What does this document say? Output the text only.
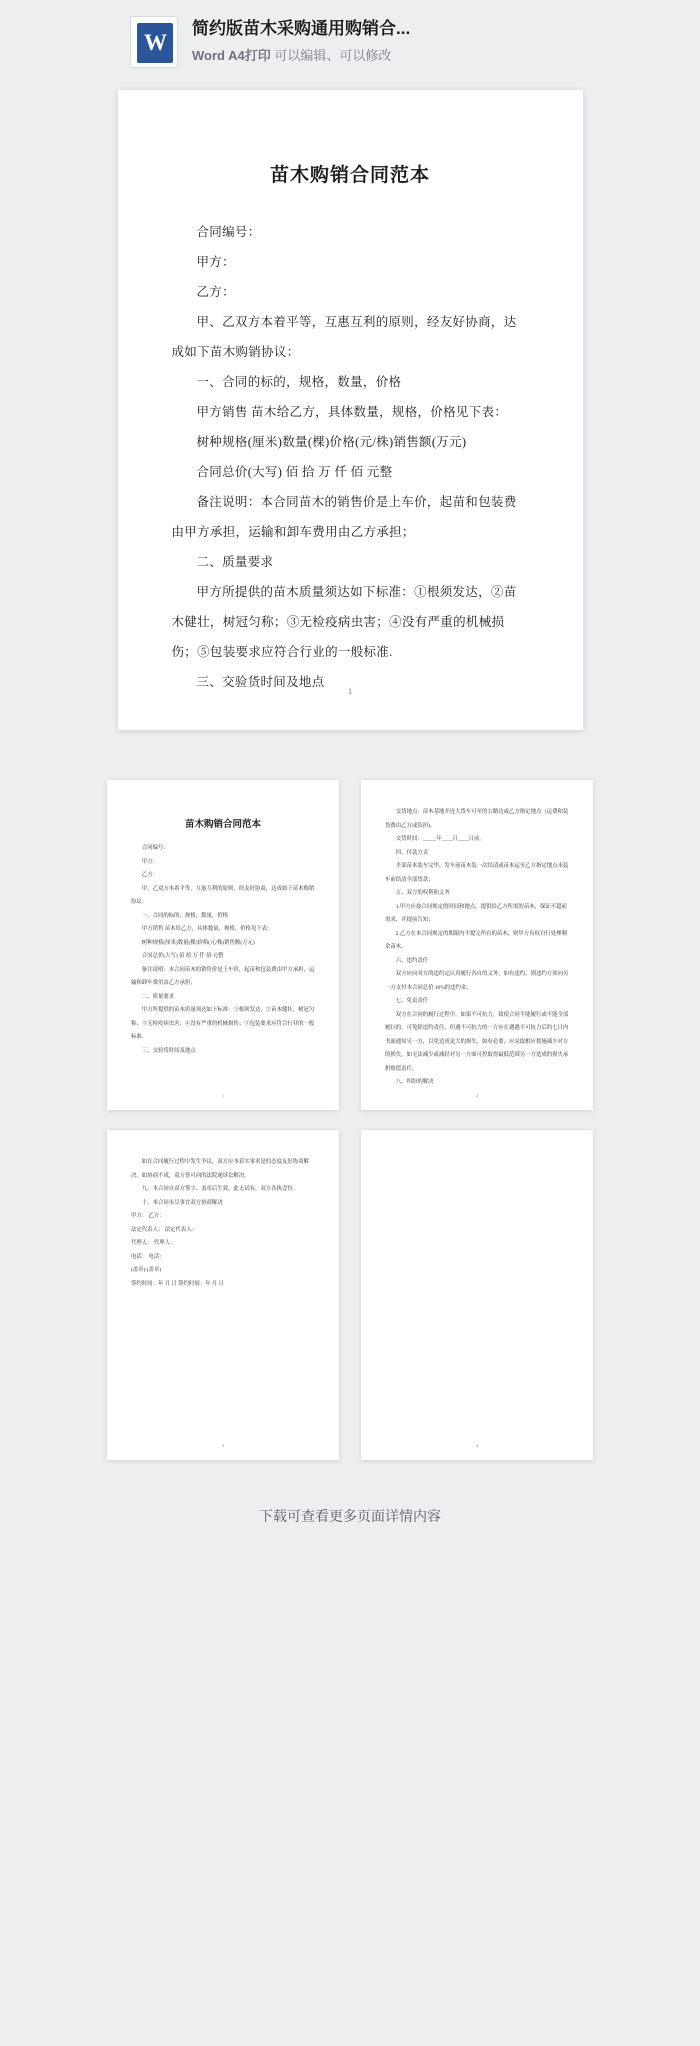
W
简约版苗木采购通用购销合...
Word A4打印 可以编辑、可以修改
苗木购销合同范本

合同编号：

甲方：

乙方：

甲、乙双方本着平等，互惠互利的原则，经友好协商，达成如下苗木购销协议：

一、合同的标的，规格，数量，价格

甲方销售 苗木给乙方，具体数量，规格，价格见下表：

树种规格(厘米)数量(棵)价格(元/株)销售额(万元)

合同总价(大写) 佰 拾 万 仟 佰 元整

备注说明：本合同苗木的销售价是上车价，起苗和包装费由甲方承担，运输和卸车费用由乙方承担；

二、质量要求

甲方所提供的苗木质量须达如下标准：①根须发达，②苗木健壮，树冠匀称；③无检疫病虫害；④没有严重的机械损伤；⑤包装要求应符合行业的一般标准.

三、交验货时间及地点

1
苗木购销合同范本

合同编号：

甲方：

乙方：

甲、乙双方本着平等，互惠互利的原则，经友好协商，达成如下苗木购销协议：

一、合同的标的，规格，数量，价格

甲方销售 苗木给乙方，具体数量，规格，价格见下表：

树种规格(厘米)数量(棵)价格(元/株)销售额(万元)

合同总价(大写) 佰 拾 万 仟 佰 元整

备注说明：本合同苗木的销售价是上车价，起苗和包装费由甲方承担，运输和卸车费用由乙方承担；

二、质量要求

甲方所提供的苗木质量须达如下标准：①根须发达，②苗木健壮，树冠匀称；③无检疫病虫害；④没有严重的机械损伤；⑤包装要求应符合行业的一般标准.

三、交验货时间及地点

1

交货地点：苗木基地开连大货车可至的公路边或乙方指定地点（运费和装货费由乙方或负担)。

交货时间：_____年____月____日前。

四、付款方式

全部苗木装车完毕、发车前苗木装一次结清或苗木运至乙方指定地点未装车前结清全部货款；

五、双方的权利和义务

1.甲方应按合同规定的时间和地点，提供给乙方所需的苗木，保证不超前需求，并提前告知；

2.乙方在本合同规定的期限内不提完所有的苗木，则甲方有权自行处理剩余苗木。

六、违约责任

双方应向对方的违约定认真履行各自的义务，如有违约，则违约方须向另一方支付本合同总价 10%的违约金。

七、免责责任

双方在合同的履行过程中，如果不可抗力，致使合同不能履行或不能全部履行的，可免除违约责任，但遇不可抗力的一方应在遇遇不可抗力后的七日内书面通知另一方，以免造成更大的损失，如有必要，应采取相应措施减少对方的损失，如无法减少或减轻对另一方面可控取得最低范围另一方造成的损失承担赔偿责任。

八、纠纷的解决

2

如在合同履行过程中发生争议，双方应本着实事求是的态度友好协商解决，如协商不成，双方皆可向的法院递诉讼解决。

九、本合同自双方签字、盖章后生效，此无试有，双方各执壹份。

十、本合同未尽事宜双方协商解决

甲方： 乙方：

法定代表人： 法定代表人：

代理人： 代理人：

电话： 电话：

(盖章) (盖章)

签约时间：年 月 日 签约时间：年 月 日

3	4
下载可查看更多页面详情内容
